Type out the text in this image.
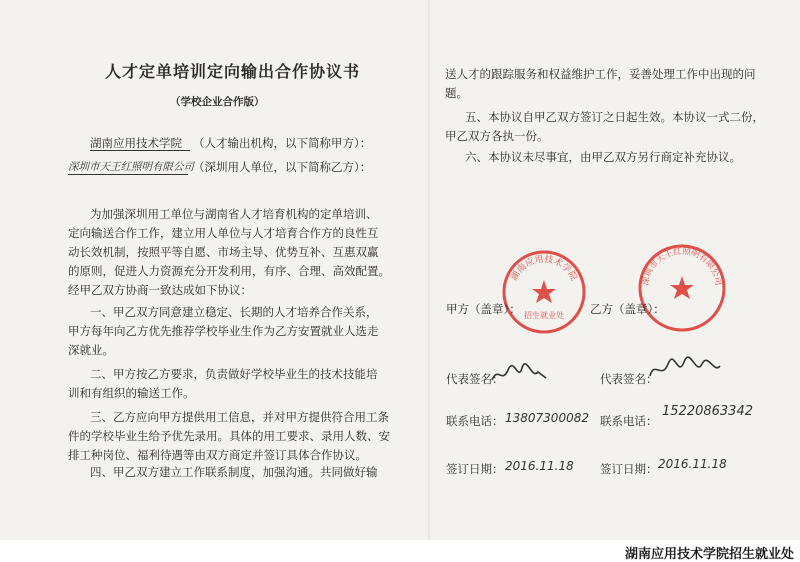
人才定单培训定向输出合作协议书
（学校企业合作版）
湖南应用技术学院 （人才输出机构，以下简称甲方）：
深圳市天王红照明有限公司 （深圳用人单位，以下简称乙方）：
为加强深圳用工单位与湖南省人才培育机构的定单培训、
定向输送合作工作，建立用人单位与人才培育合作方的良性互
动长效机制，按照平等自愿、市场主导、优势互补、互惠双赢
的原则，促进人力资源充分开发利用，有序、合理、高效配置。
经甲乙双方协商一致达成如下协议：
一、甲乙双方同意建立稳定、长期的人才培养合作关系，
甲方每年向乙方优先推荐学校毕业生作为乙方安置就业人选走
深就业。
二、甲方按乙方要求，负责做好学校毕业生的技术技能培
训和有组织的输送工作。
三、乙方应向甲方提供用工信息，并对甲方提供符合用工条
件的学校毕业生给予优先录用。具体的用工要求、录用人数、安
排工种岗位、福利待遇等由双方商定并签订具体合作协议。
四、甲乙双方建立工作联系制度，加强沟通。共同做好输
送人才的跟踪服务和权益维护工作，妥善处理工作中出现的问
题。
五、本协议自甲乙双方签订之日起生效。本协议一式二份，
甲乙双方各执一份。
六、本协议未尽事宜，由甲乙双方另行商定补充协议。
湖南应用技术学院
招生就业处
深圳市天王红照明有限公司
甲方（盖章）：	乙方（盖章）：
代表签名：	代表签名：
联系电话： 13807300082 联系电话：
15220863342
签订日期： 2016.11.18 签订日期： 2016.11.18
湖南应用技术学院招生就业处
